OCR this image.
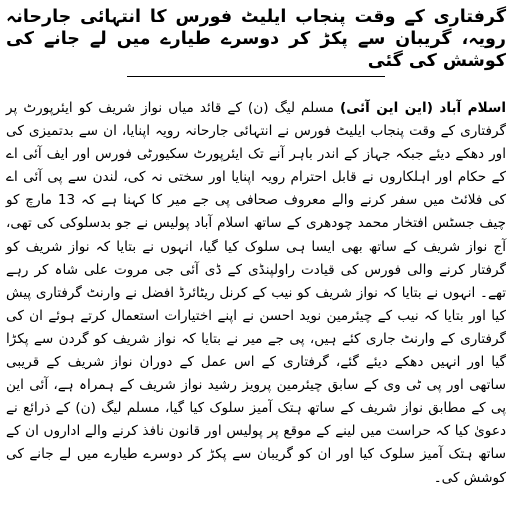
گرفتاری کے وقت پنجاب ایلیٹ فورس کا انتہائی جارحانہ رویہ، گریبان سے پکڑ کر دوسرے طیارے میں لے جانے کی کوشش کی گئی

اسلام آباد (این این آئی) مسلم لیگ (ن) کے قائد میاں نواز شریف کو ایئرپورٹ پر گرفتاری کے وقت پنجاب ایلیٹ فورس نے انتہائی جارحانہ رویہ اپنایا، ان سے بدتمیزی کی اور دھکے دیئے جبکہ جہاز کے اندر باہر آنے تک ایئرپورٹ سکیورٹی فورس اور ایف آئی اے کے حکام اور اہلکاروں نے قابل احترام رویہ اپنایا اور سختی نہ کی، لندن سے پی آئی اے کی فلائٹ میں سفر کرنے والے معروف صحافی پی جے میر کا کہنا ہے کہ 13 مارچ کو چیف جسٹس افتخار محمد چودھری کے ساتھ اسلام آباد پولیس نے جو بدسلوکی کی تھی، آج نواز شریف کے ساتھ بھی ایسا ہی سلوک کیا گیا، انہوں نے بتایا کہ نواز شریف کو گرفتار کرنے والی فورس کی قیادت راولپنڈی کے ڈی آئی جی مروت علی شاہ کر رہے تھے۔ انہوں نے بتایا کہ نواز شریف کو نیب کے کرنل ریٹائرڈ افضل نے وارنٹ گرفتاری پیش کیا اور بتایا کہ نیب کے چیئرمین نوید احسن نے اپنے اختیارات استعمال کرتے ہوئے ان کی گرفتاری کے وارنٹ جاری کئے ہیں، پی جے میر نے بتایا کہ نواز شریف کو گردن سے پکڑا گیا اور انہیں دھکے دیئے گئے، گرفتاری کے اس عمل کے دوران نواز شریف کے قریبی ساتھی اور پی ٹی وی کے سابق چیئرمین پرویز رشید نواز شریف کے ہمراہ ہے، آئی این پی کے مطابق نواز شریف کے ساتھ ہتک آمیز سلوک کیا گیا، مسلم لیگ (ن) کے ذرائع نے دعویٰ کیا کہ حراست میں لینے کے موقع پر پولیس اور قانون نافذ کرنے والے اداروں ان کے ساتھ ہتک آمیز سلوک کیا اور ان کو گریبان سے پکڑ کر دوسرے طیارے میں لے جانے کی کوشش کی۔
